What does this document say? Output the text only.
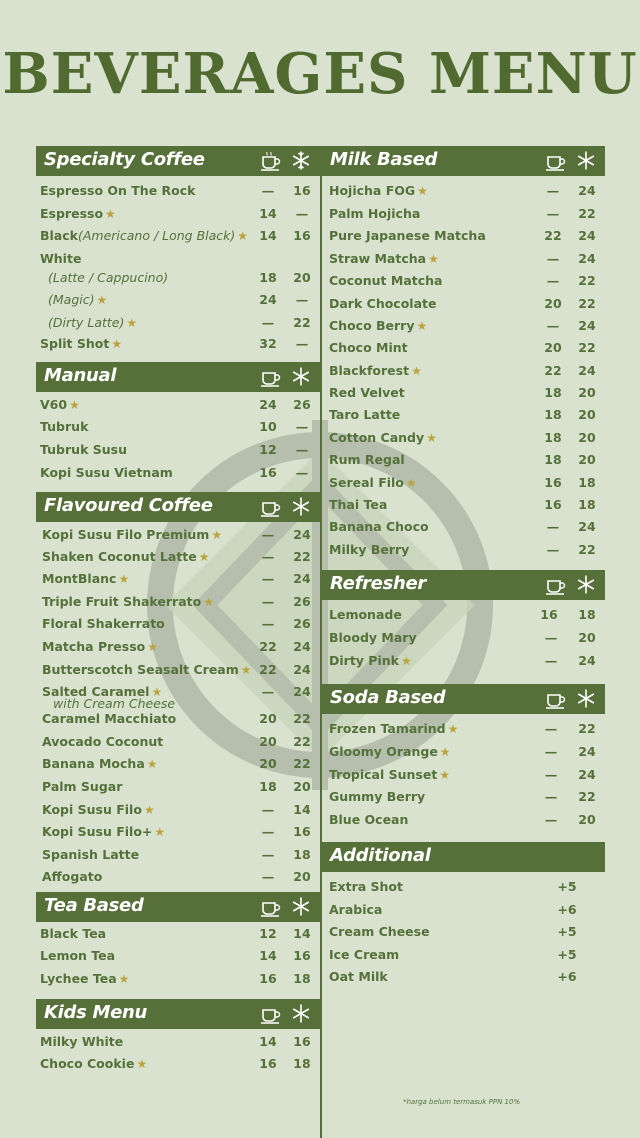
BEVERAGES MENU
Specialty Coffee
Espresso On The Rock	—	16
Espresso ★	14	—
Black(Americano / Long Black) ★ 14 16
White
(Latte / Cappucino)	18 20
(Magic) ★	24	—
(Dirty Latte) ★	—	22
Split Shot ★	32	—
Manual
V60 ★	24 26
Tubruk	10	—
Tubruk Susu	12	—
Kopi Susu Vietnam	16	—
Flavoured Coffee
Kopi Susu Filo Premium ★	—	24
Shaken Coconut Latte ★	—	22
MontBlanc ★	—	24
Triple Fruit Shakerrato ★	—	26
Floral Shakerrato	—	26
Matcha Presso ★	22 24
Butterscotch Seasalt Cream ★ 22 24
Salted Caramel ★	—	24
with Cream Cheese
Caramel Macchiato	20 22
Avocado Coconut	20 22
Banana Mocha ★	20 22
Palm Sugar	18 20
Kopi Susu Filo ★	—	14
Kopi Susu Filo+ ★	—	16
Spanish Latte	—	18
Affogato	—	20
Tea Based
Black Tea	12 14
Lemon Tea	14 16
Lychee Tea ★	16 18
Kids Menu
Milky White	14 16
Choco Cookie ★	16 18
Milk Based
Hojicha FOG ★	—	24
Palm Hojicha	—	22
Pure Japanese Matcha	22 24
Straw Matcha ★	—	24
Coconut Matcha	—	22
Dark Chocolate	20 22
Choco Berry ★	—	24
Choco Mint	20 22
Blackforest ★	22 24
Red Velvet	18 20
Taro Latte	18 20
Cotton Candy ★	18 20
Rum Regal	18 20
Sereal Filo ★	16 18
Thai Tea	16 18
Banana Choco	—	24
Milky Berry	—	22
Refresher
Lemonade	16 18
Bloody Mary	—	20
Dirty Pink ★	—	24
Soda Based
Frozen Tamarind ★	—	22
Gloomy Orange ★	—	24
Tropical Sunset ★	—	24
Gummy Berry	—	22
Blue Ocean	—	20
Additional
Extra Shot	+5
Arabica	+6
Cream Cheese	+5
Ice Cream	+5
Oat Milk	+6
*harga belum termasuk PPN 10%
